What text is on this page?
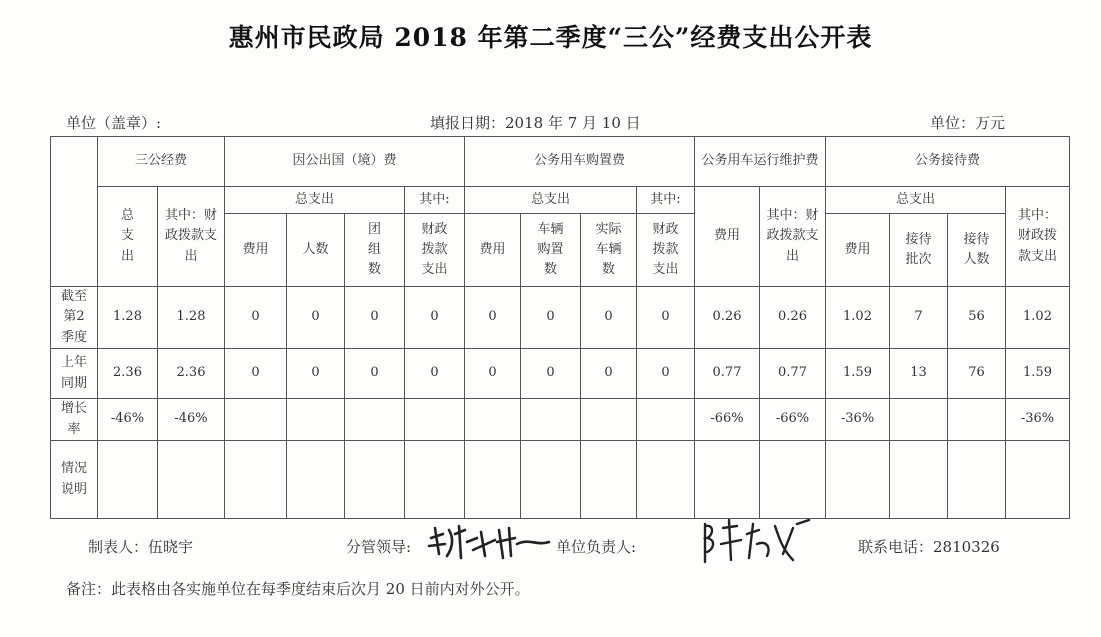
惠州市民政局 2018 年第二季度“三公”经费支出公开表
单位（盖章）:	填报日期：2018 年 7 月 10 日	单位：万元
	三公经费		因公出国（境）费				公务用车购置费				公务用车运行维护费		公务接待费			
	总支出	其中：财政拨款支出	总支出			其中:	总支出			其中:	费用	其中：财政拨款支出	总支出			其中：财政拨款支出
			费用	人数	团组数	财政拨款支出	费用	车辆购置数	实际车辆数	财政拨款支出			费用	接待批次	接待人数	
截至第2季度	1.28	1.28	0	0	0	0	0	0	0	0	0.26	0.26	1.02	7	56	1.02
上年同期	2.36	2.36	0	0	0	0	0	0	0	0	0.77	0.77	1.59	13	76	1.59
增长率	-46%	-46%									-66%	-66%	-36%			-36%
情况说明																
制表人：伍晓宇	分管领导:	单位负责人:	联系电话：2810326
备注：此表格由各实施单位在每季度结束后次月 20 日前内对外公开。
